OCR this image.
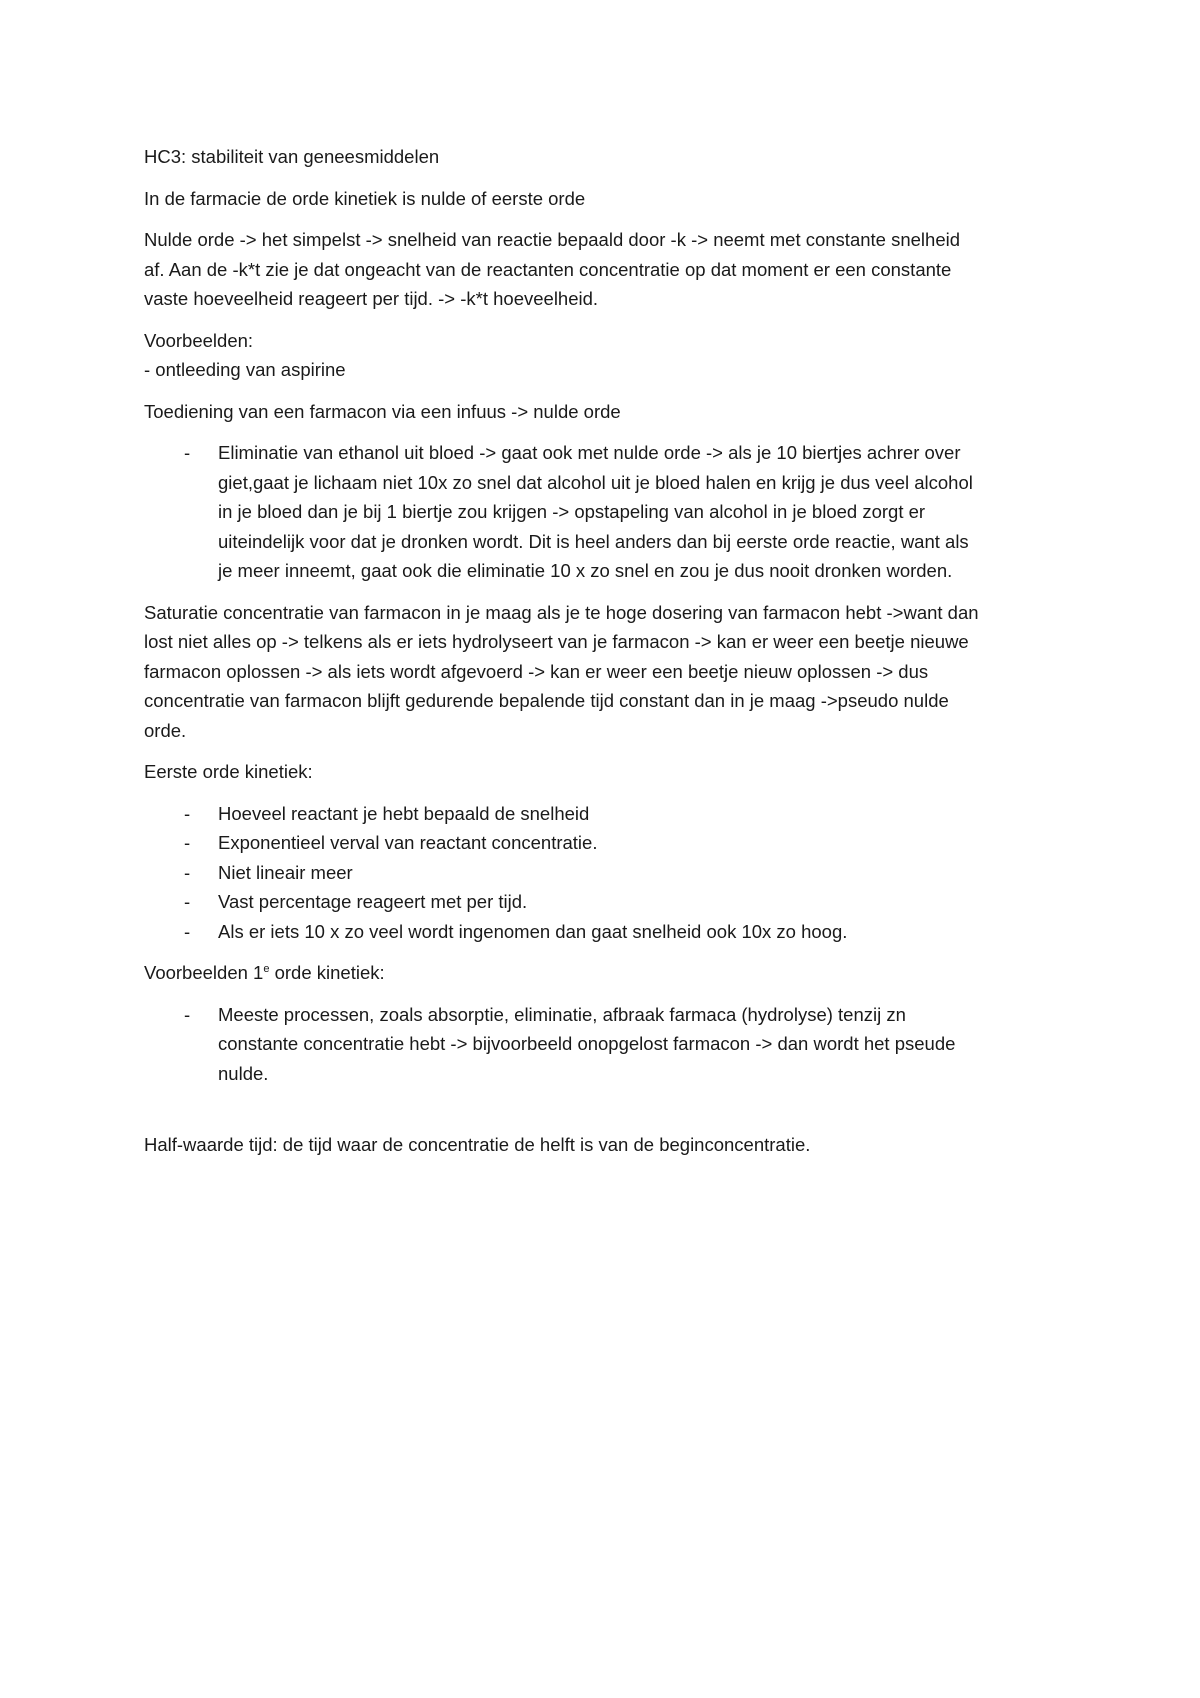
HC3: stabiliteit van geneesmiddelen

In de farmacie de orde kinetiek is nulde of eerste orde

Nulde orde -> het simpelst -> snelheid van reactie bepaald door -k -> neemt met constante snelheid
af. Aan de -k*t zie je dat ongeacht van de reactanten concentratie op dat moment er een constante
vaste hoeveelheid reageert per tijd. -> -k*t hoeveelheid.

Voorbeelden:
- ontleeding van aspirine

Toediening van een farmacon via een infuus -> nulde orde

- Eliminatie van ethanol uit bloed -> gaat ook met nulde orde -> als je 10 biertjes achrer over
giet,gaat je lichaam niet 10x zo snel dat alcohol uit je bloed halen en krijg je dus veel alcohol
in je bloed dan je bij 1 biertje zou krijgen -> opstapeling van alcohol in je bloed zorgt er
uiteindelijk voor dat je dronken wordt. Dit is heel anders dan bij eerste orde reactie, want als
je meer inneemt, gaat ook die eliminatie 10 x zo snel en zou je dus nooit dronken worden.

Saturatie concentratie van farmacon in je maag als je te hoge dosering van farmacon hebt ->want dan
lost niet alles op -> telkens als er iets hydrolyseert van je farmacon -> kan er weer een beetje nieuwe
farmacon oplossen -> als iets wordt afgevoerd -> kan er weer een beetje nieuw oplossen -> dus
concentratie van farmacon blijft gedurende bepalende tijd constant dan in je maag ->pseudo nulde
orde.

Eerste orde kinetiek:

- Hoeveel reactant je hebt bepaald de snelheid
- Exponentieel verval van reactant concentratie.
- Niet lineair meer
- Vast percentage reageert met per tijd.
- Als er iets 10 x zo veel wordt ingenomen dan gaat snelheid ook 10x zo hoog.

Voorbeelden 1e orde kinetiek:

- Meeste processen, zoals absorptie, eliminatie, afbraak farmaca (hydrolyse) tenzij zn
constante concentratie hebt -> bijvoorbeeld onopgelost farmacon -> dan wordt het pseude
nulde.

Half-waarde tijd: de tijd waar de concentratie de helft is van de beginconcentratie.
